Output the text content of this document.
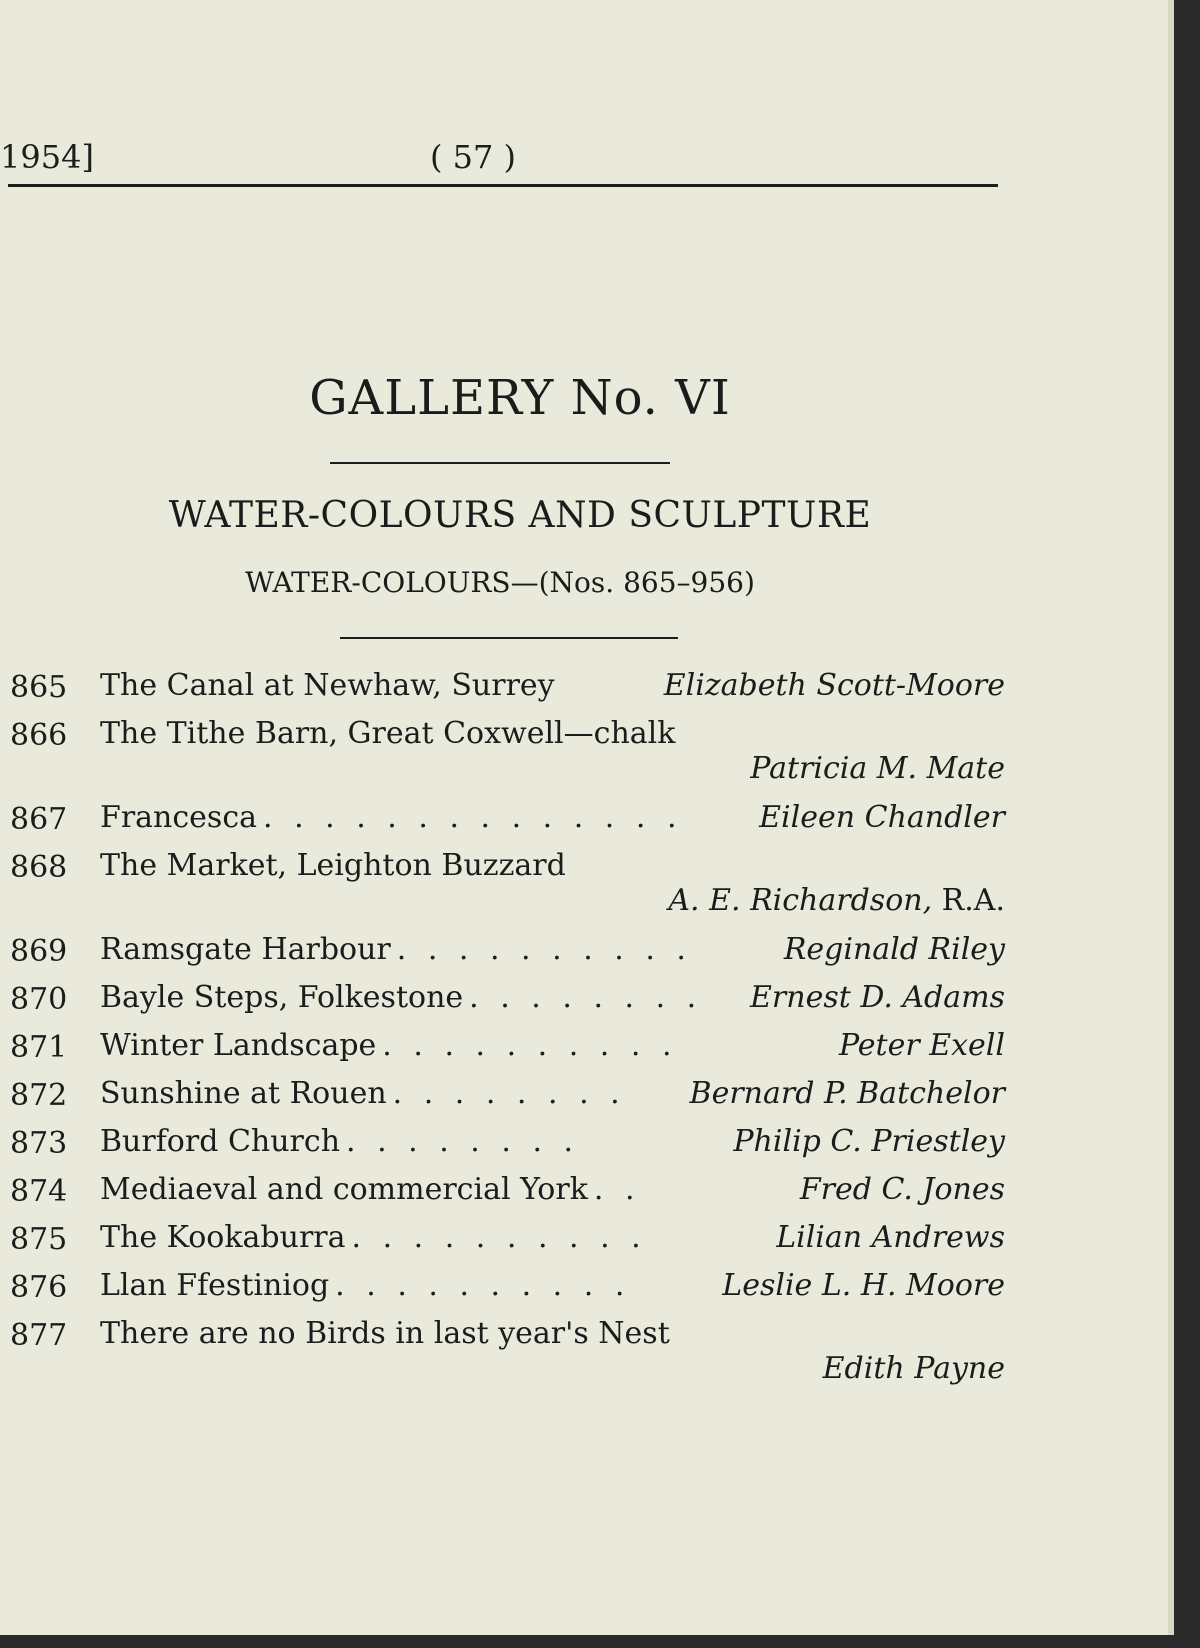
1954]	( 57 )
GALLERY No. VI
WATER-COLOURS AND SCULPTURE
WATER-COLOURS—(Nos. 865–956)
865	The Canal at Newhaw, Surrey	Elizabeth Scott-Moore
866	The Tithe Barn, Great Coxwell—chalk
Patricia M. Mate
867	Francesca . . . . . . . . . . . . . .	Eileen Chandler
868	The Market, Leighton Buzzard
A. E. Richardson, R.A.
869	Ramsgate Harbour . . . . . . . . . .	Reginald Riley
870	Bayle Steps, Folkestone . . . . . . . .	Ernest D. Adams
871	Winter Landscape . . . . . . . . . .	Peter Exell
872	Sunshine at Rouen . . . . . . . .	Bernard P. Batchelor
873	Burford Church . . . . . . . .	Philip C. Priestley
874	Mediaeval and commercial York . .	Fred C. Jones
875	The Kookaburra . . . . . . . . . .	Lilian Andrews
876	Llan Ffestiniog . . . . . . . . . .	Leslie L. H. Moore
877	There are no Birds in last year's Nest
Edith Payne
